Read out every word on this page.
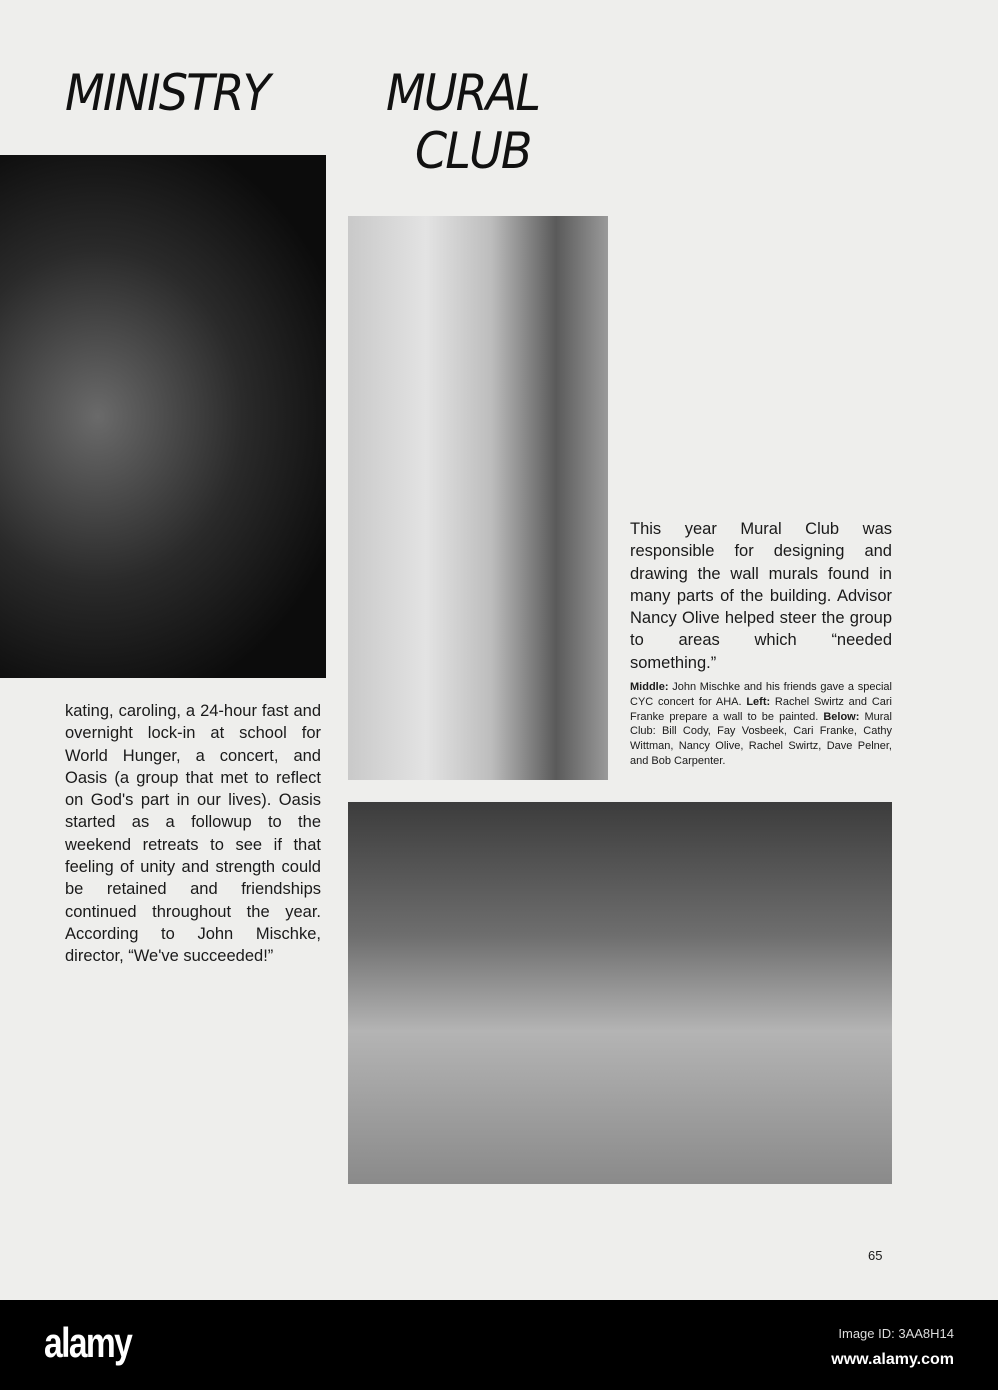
MINISTRY MURAL
CLUB
kating, caroling, a 24-hour fast and overnight lock-in at school for World Hunger, a concert, and Oasis (a group that met to reflect on God's part in our lives). Oasis started as a followup to the weekend retreats to see if that feeling of unity and strength could be retained and friendships continued throughout the year. According to John Mischke, director, “We've succeeded!”
This year Mural Club was responsible for designing and drawing the wall murals found in many parts of the building. Advisor Nancy Olive helped steer the group to areas which “needed something.”
Middle: John Mischke and his friends gave a special CYC concert for AHA. Left: Rachel Swirtz and Cari Franke prepare a wall to be painted. Below: Mural Club: Bill Cody, Fay Vosbeek, Cari Franke, Cathy Wittman, Nancy Olive, Rachel Swirtz, Dave Pelner, and Bob Carpenter.
65
alamy	Image ID: 3AA8H14
www.alamy.com
